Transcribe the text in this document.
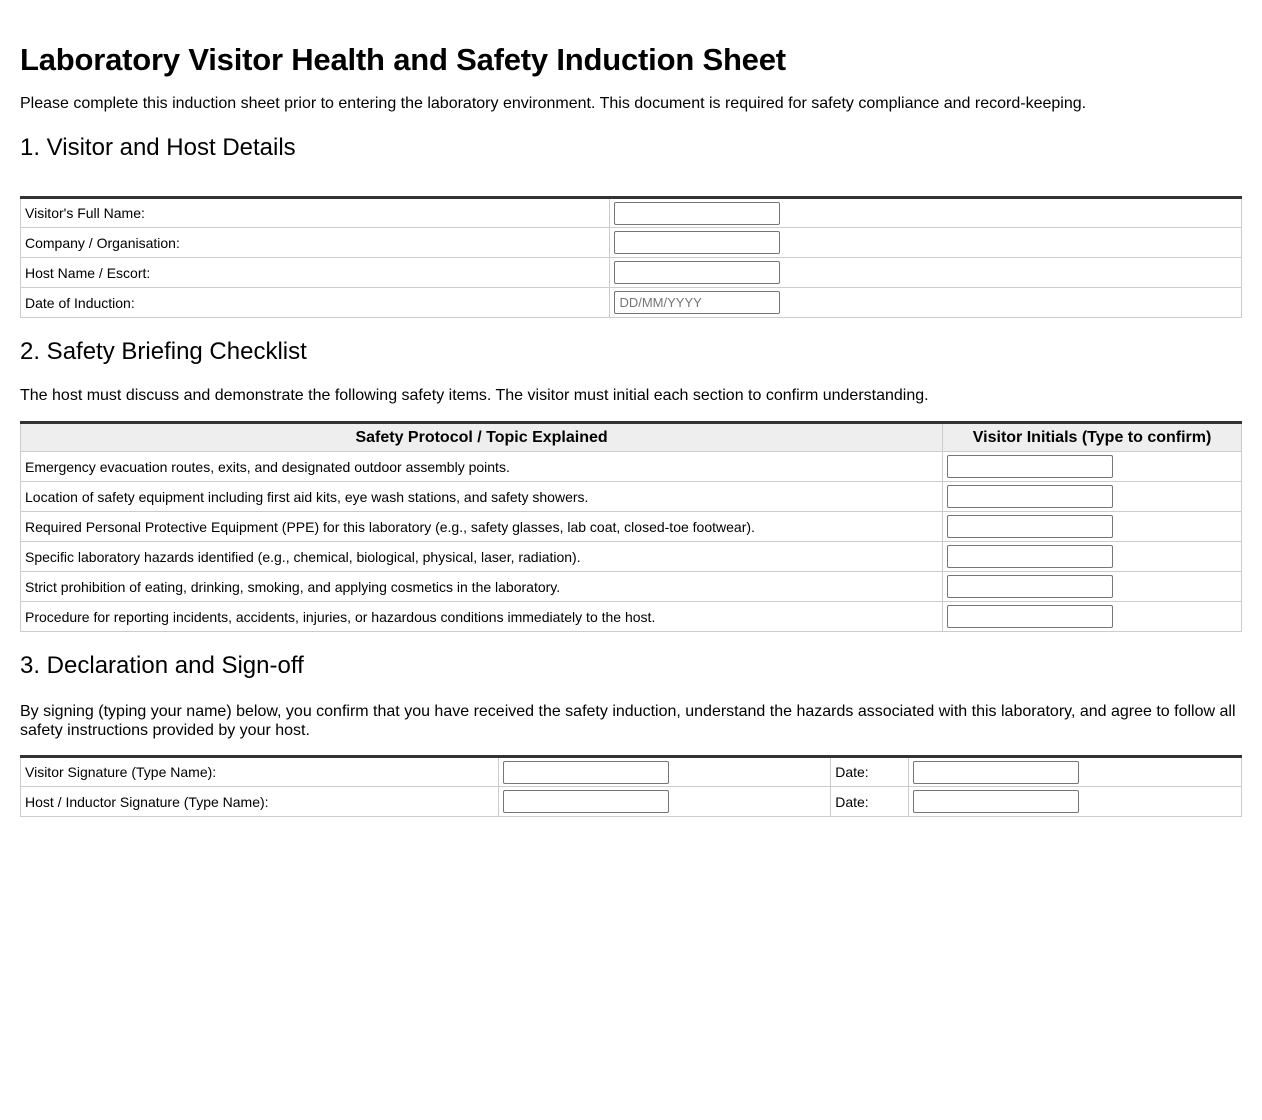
Laboratory Visitor Health and Safety Induction Sheet

Please complete this induction sheet prior to entering the laboratory environment. This document is required for safety compliance and record-keeping.

1. Visitor and Host Details
Visitor's Full Name:	

Company / Organisation:	

Host Name / Escort:	

Date of Induction:	
DD/MM/YYYY
2. Safety Briefing Checklist

The host must discuss and demonstrate the following safety items. The visitor must initial each section to confirm understanding.

Safety Protocol / Topic Explained	Visitor Initials (Type to confirm)
Emergency evacuation routes, exits, and designated outdoor assembly points.	

Location of safety equipment including first aid kits, eye wash stations, and safety showers.	

Required Personal Protective Equipment (PPE) for this laboratory (e.g., safety glasses, lab coat, closed-toe footwear).	

Specific laboratory hazards identified (e.g., chemical, biological, physical, laser, radiation).	

Strict prohibition of eating, drinking, smoking, and applying cosmetics in the laboratory.	

Procedure for reporting incidents, accidents, injuries, or hazardous conditions immediately to the host.	
3. Declaration and Sign-off

By signing (typing your name) below, you confirm that you have received the safety induction, understand the hazards associated with this laboratory, and agree to follow all safety instructions provided by your host.

Visitor Signature (Type Name):		Date:	

Host / Inductor Signature (Type Name):		Date:	
